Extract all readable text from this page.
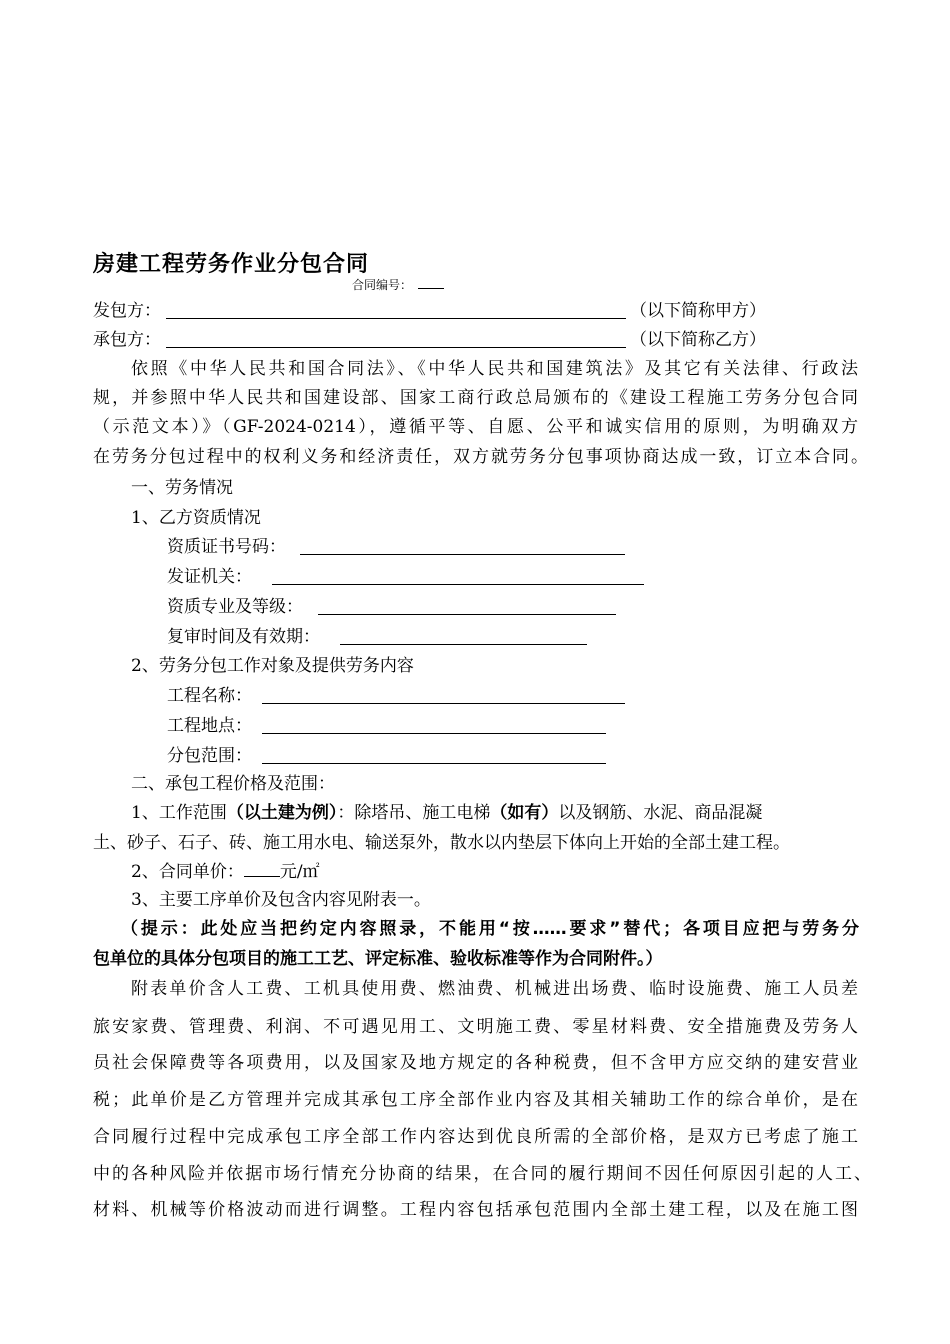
房建工程劳务作业分包合同
合同编号：
发包方：	（以下简称甲方）
承包方：	（以下简称乙方）
依照《中华人民共和国合同法》、《中华人民共和国建筑法》及其它有关法律、行政法
规，并参照中华人民共和国建设部、国家工商行政总局颁布的《建设工程施工劳务分包合同
（示范文本）》（GF-2024-0214），遵循平等、自愿、公平和诚实信用的原则，为明确双方
在劳务分包过程中的权利义务和经济责任，双方就劳务分包事项协商达成一致，订立本合同。
一、劳务情况
1、乙方资质情况
资质证书号码：
发证机关：
资质专业及等级：
复审时间及有效期：
2、劳务分包工作对象及提供劳务内容
工程名称：
工程地点：
分包范围：
二、承包工程价格及范围：
1、工作范围（以土建为例）：除塔吊、施工电梯（如有）以及钢筋、水泥、商品混凝
土、砂子、石子、砖、施工用水电、输送泵外，散水以内垫层下体向上开始的全部土建工程。
2、合同单价： 元/㎡
3、主要工序单价及包含内容见附表一。
（提示：此处应当把约定内容照录，不能用“按……要求”替代；各项目应把与劳务分
包单位的具体分包项目的施工工艺、评定标准、验收标准等作为合同附件。）
附表单价含人工费、工机具使用费、燃油费、机械进出场费、临时设施费、施工人员差
旅安家费、管理费、利润、不可遇见用工、文明施工费、零星材料费、安全措施费及劳务人
员社会保障费等各项费用，以及国家及地方规定的各种税费，但不含甲方应交纳的建安营业
税；此单价是乙方管理并完成其承包工序全部作业内容及其相关辅助工作的综合单价，是在
合同履行过程中完成承包工序全部工作内容达到优良所需的全部价格，是双方已考虑了施工
中的各种风险并依据市场行情充分协商的结果，在合同的履行期间不因任何原因引起的人工、
材料、机械等价格波动而进行调整。工程内容包括承包范围内全部土建工程，以及在施工图
